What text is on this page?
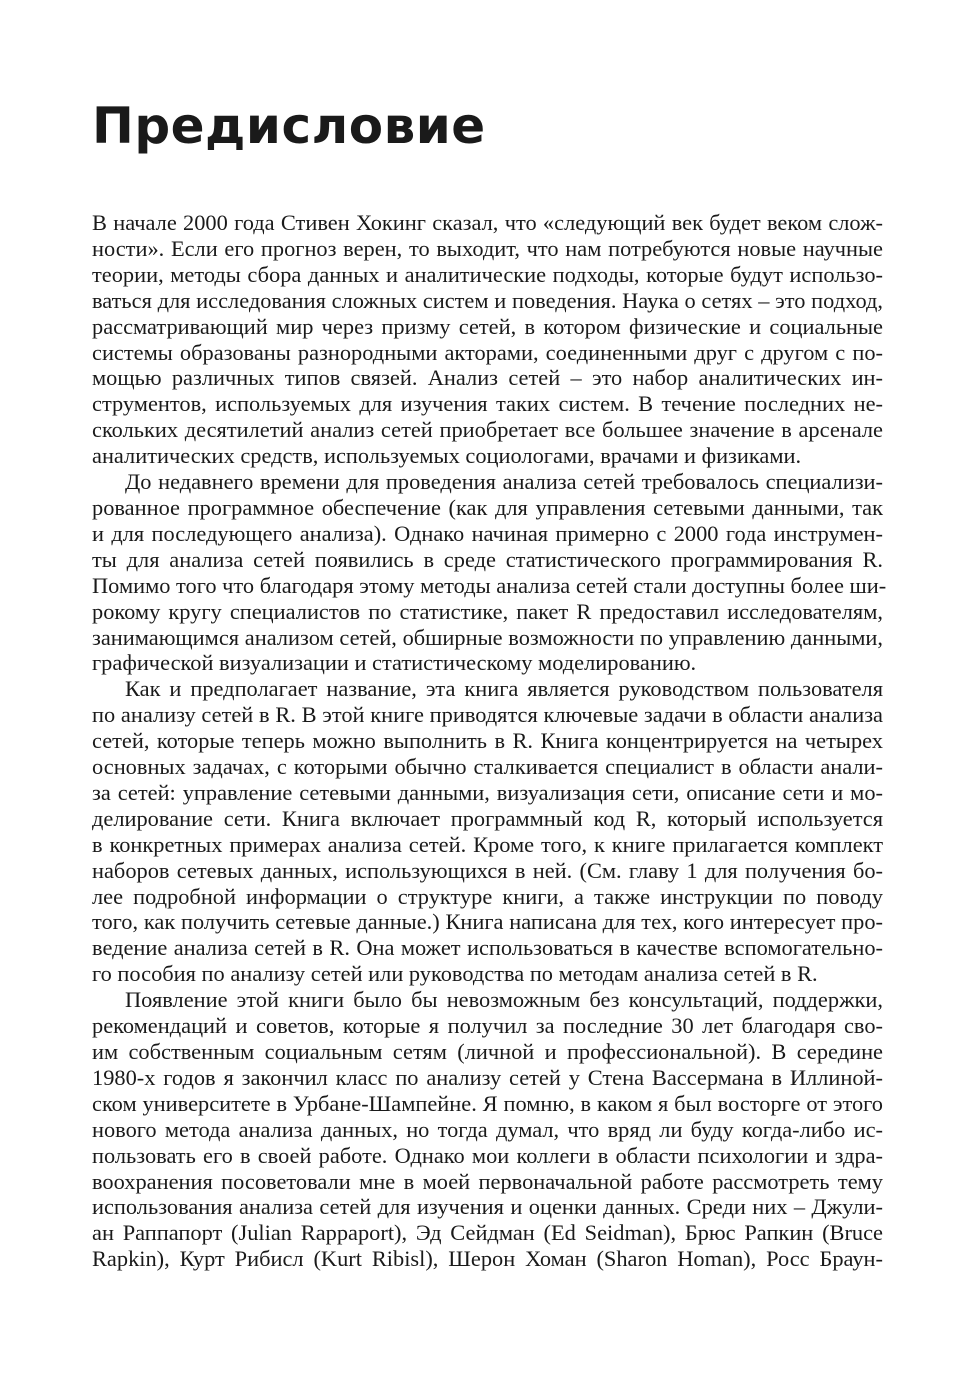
Предисловие
В начале 2000 года Стивен Хокинг сказал, что «следующий век будет веком слож-
ности». Если его прогноз верен, то выходит, что нам потребуются новые научные
теории, методы сбора данных и аналитические подходы, которые будут использо-
ваться для исследования сложных систем и поведения. Наука о сетях – это подход,
рассматривающий мир через призму сетей, в котором физические и социальные
системы образованы разнородными акторами, соединенными друг с другом с по-
мощью различных типов связей. Анализ сетей – это набор аналитических ин-
струментов, используемых для изучения таких систем. В течение последних не-
скольких десятилетий анализ сетей приобретает все большее значение в арсенале
аналитических средств, используемых социологами, врачами и физиками.
До недавнего времени для проведения анализа сетей требовалось специализи-
рованное программное обеспечение (как для управления сетевыми данными, так
и для последующего анализа). Однако начиная примерно с 2000 года инструмен-
ты для анализа сетей появились в среде статистического программирования R.
Помимо того что благодаря этому методы анализа сетей стали доступны более ши-
рокому кругу специалистов по статистике, пакет R предоставил исследователям,
занимающимся анализом сетей, обширные возможности по управлению данными,
графической визуализации и статистическому моделированию.
Как и предполагает название, эта книга является руководством пользователя
по анализу сетей в R. В этой книге приводятся ключевые задачи в области анализа
сетей, которые теперь можно выполнить в R. Книга концентрируется на четырех
основных задачах, с которыми обычно сталкивается специалист в области анали-
за сетей: управление сетевыми данными, визуализация сети, описание сети и мо-
делирование сети. Книга включает программный код R, который используется
в конкретных примерах анализа сетей. Кроме того, к книге прилагается комплект
наборов сетевых данных, использующихся в ней. (См. главу 1 для получения бо-
лее подробной информации о структуре книги, а также инструкции по поводу
того, как получить сетевые данные.) Книга написана для тех, кого интересует про-
ведение анализа сетей в R. Она может использоваться в качестве вспомогательно-
го пособия по анализу сетей или руководства по методам анализа сетей в R.
Появление этой книги было бы невозможным без консультаций, поддержки,
рекомендаций и советов, которые я получил за последние 30 лет благодаря сво-
им собственным социальным сетям (личной и профессиональной). В середине
1980-х годов я закончил класс по анализу сетей у Стена Вассермана в Иллиной-
ском университете в Урбане-Шампейне. Я помню, в каком я был восторге от этого
нового метода анализа данных, но тогда думал, что вряд ли буду когда-либо ис-
пользовать его в своей работе. Однако мои коллеги в области психологии и здра-
воохранения посоветовали мне в моей первоначальной работе рассмотреть тему
использования анализа сетей для изучения и оценки данных. Среди них – Джули-
ан Раппапорт (Julian Rappaport), Эд Сейдман (Ed Seidman), Брюс Рапкин (Bruce
Rapkin), Курт Рибисл (Kurt Ribisl), Шерон Хоман (Sharon Homan), Росс Браун-
